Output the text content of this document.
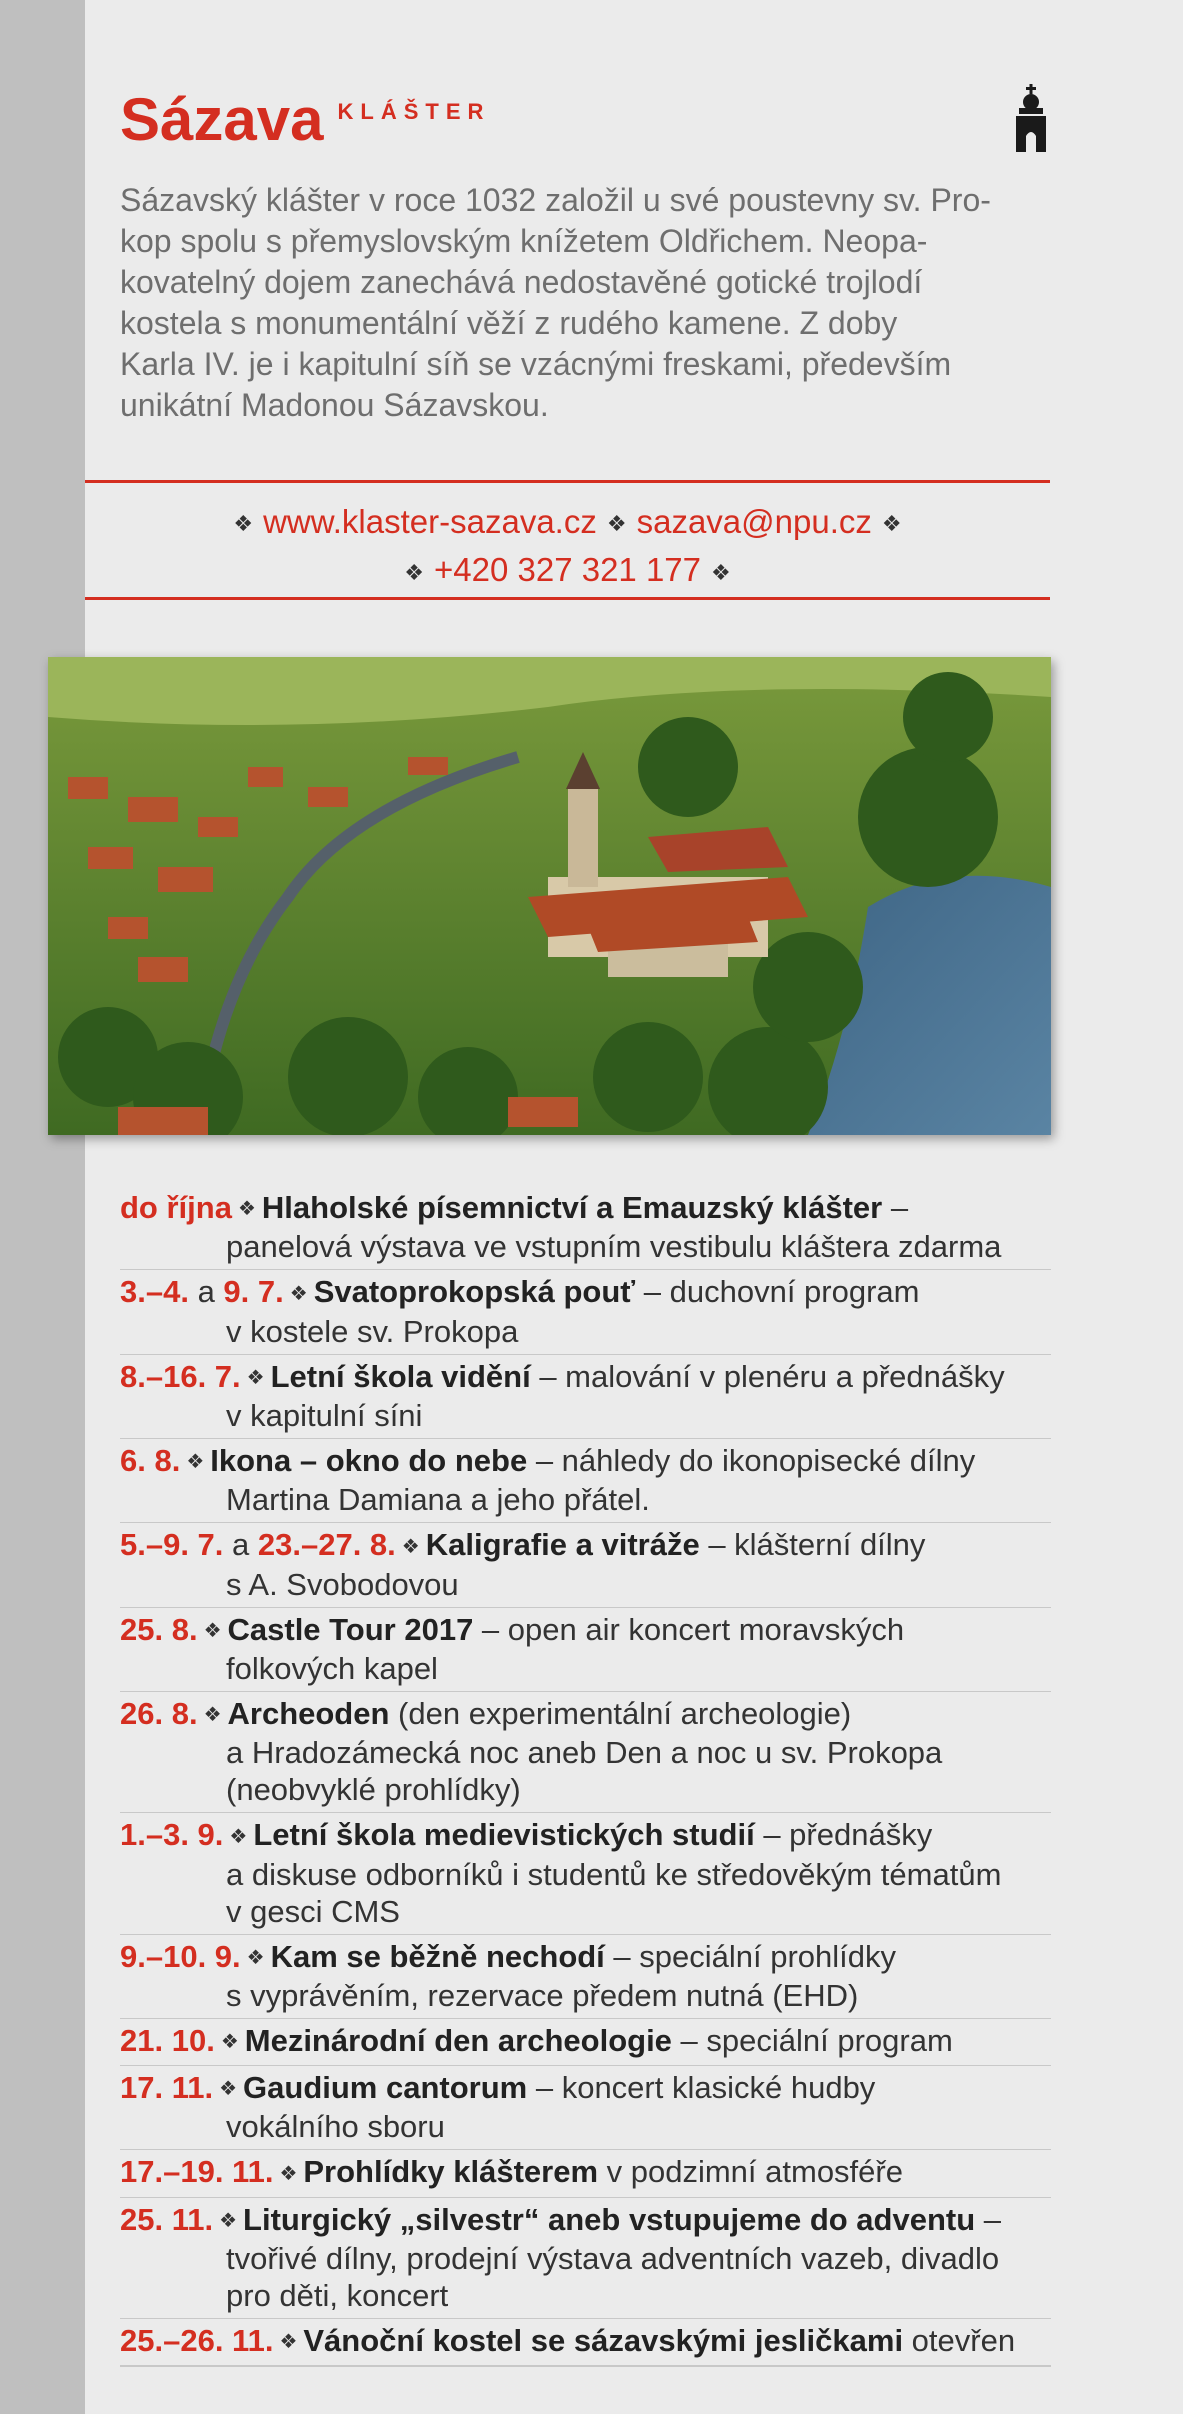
Sázava KLÁŠTER
Sázavský klášter v roce 1032 založil u své poustevny sv. Pro-
kop spolu s přemyslovským knížetem Oldřichem. Neopa-
kovatelný dojem zanechává nedostavěné gotické trojlodí
kostela s monumentální věží z rudého kamene. Z doby
Karla IV. je i kapitulní síň se vzácnými freskami, především
unikátní Madonou Sázavskou.
❖ www.klaster-sazava.cz ❖ sazava@npu.cz ❖
❖ +420 327 321 177 ❖
do října ❖ Hlaholské písemnictví a Emauzský klášter –
panelová výstava ve vstupním vestibulu kláštera zdarma
3.–4. a 9. 7. ❖ Svatoprokopská pouť – duchovní program
v kostele sv. Prokopa
8.–16. 7. ❖ Letní škola vidění – malování v plenéru a přednášky
v kapitulní síni
6. 8. ❖ Ikona – okno do nebe – náhledy do ikonopisecké dílny
Martina Damiana a jeho přátel.
5.–9. 7. a 23.–27. 8. ❖ Kaligrafie a vitráže – klášterní dílny
s A. Svobodovou
25. 8. ❖ Castle Tour 2017 – open air koncert moravských
folkových kapel
26. 8. ❖ Archeoden (den experimentální archeologie)
a Hradozámecká noc aneb Den a noc u sv. Prokopa
(neobvyklé prohlídky)
1.–3. 9. ❖ Letní škola medievistických studií – přednášky
a diskuse odborníků i studentů ke středověkým tématům
v gesci CMS
9.–10. 9. ❖ Kam se běžně nechodí – speciální prohlídky
s vyprávěním, rezervace předem nutná (EHD)
21. 10. ❖ Mezinárodní den archeologie – speciální program
17. 11. ❖ Gaudium cantorum – koncert klasické hudby
vokálního sboru
17.–19. 11. ❖ Prohlídky klášterem v podzimní atmosféře
25. 11. ❖ Liturgický „silvestr“ aneb vstupujeme do adventu –
tvořivé dílny, prodejní výstava adventních vazeb, divadlo
pro děti, koncert
25.–26. 11. ❖ Vánoční kostel se sázavskými jesličkami otevřen
